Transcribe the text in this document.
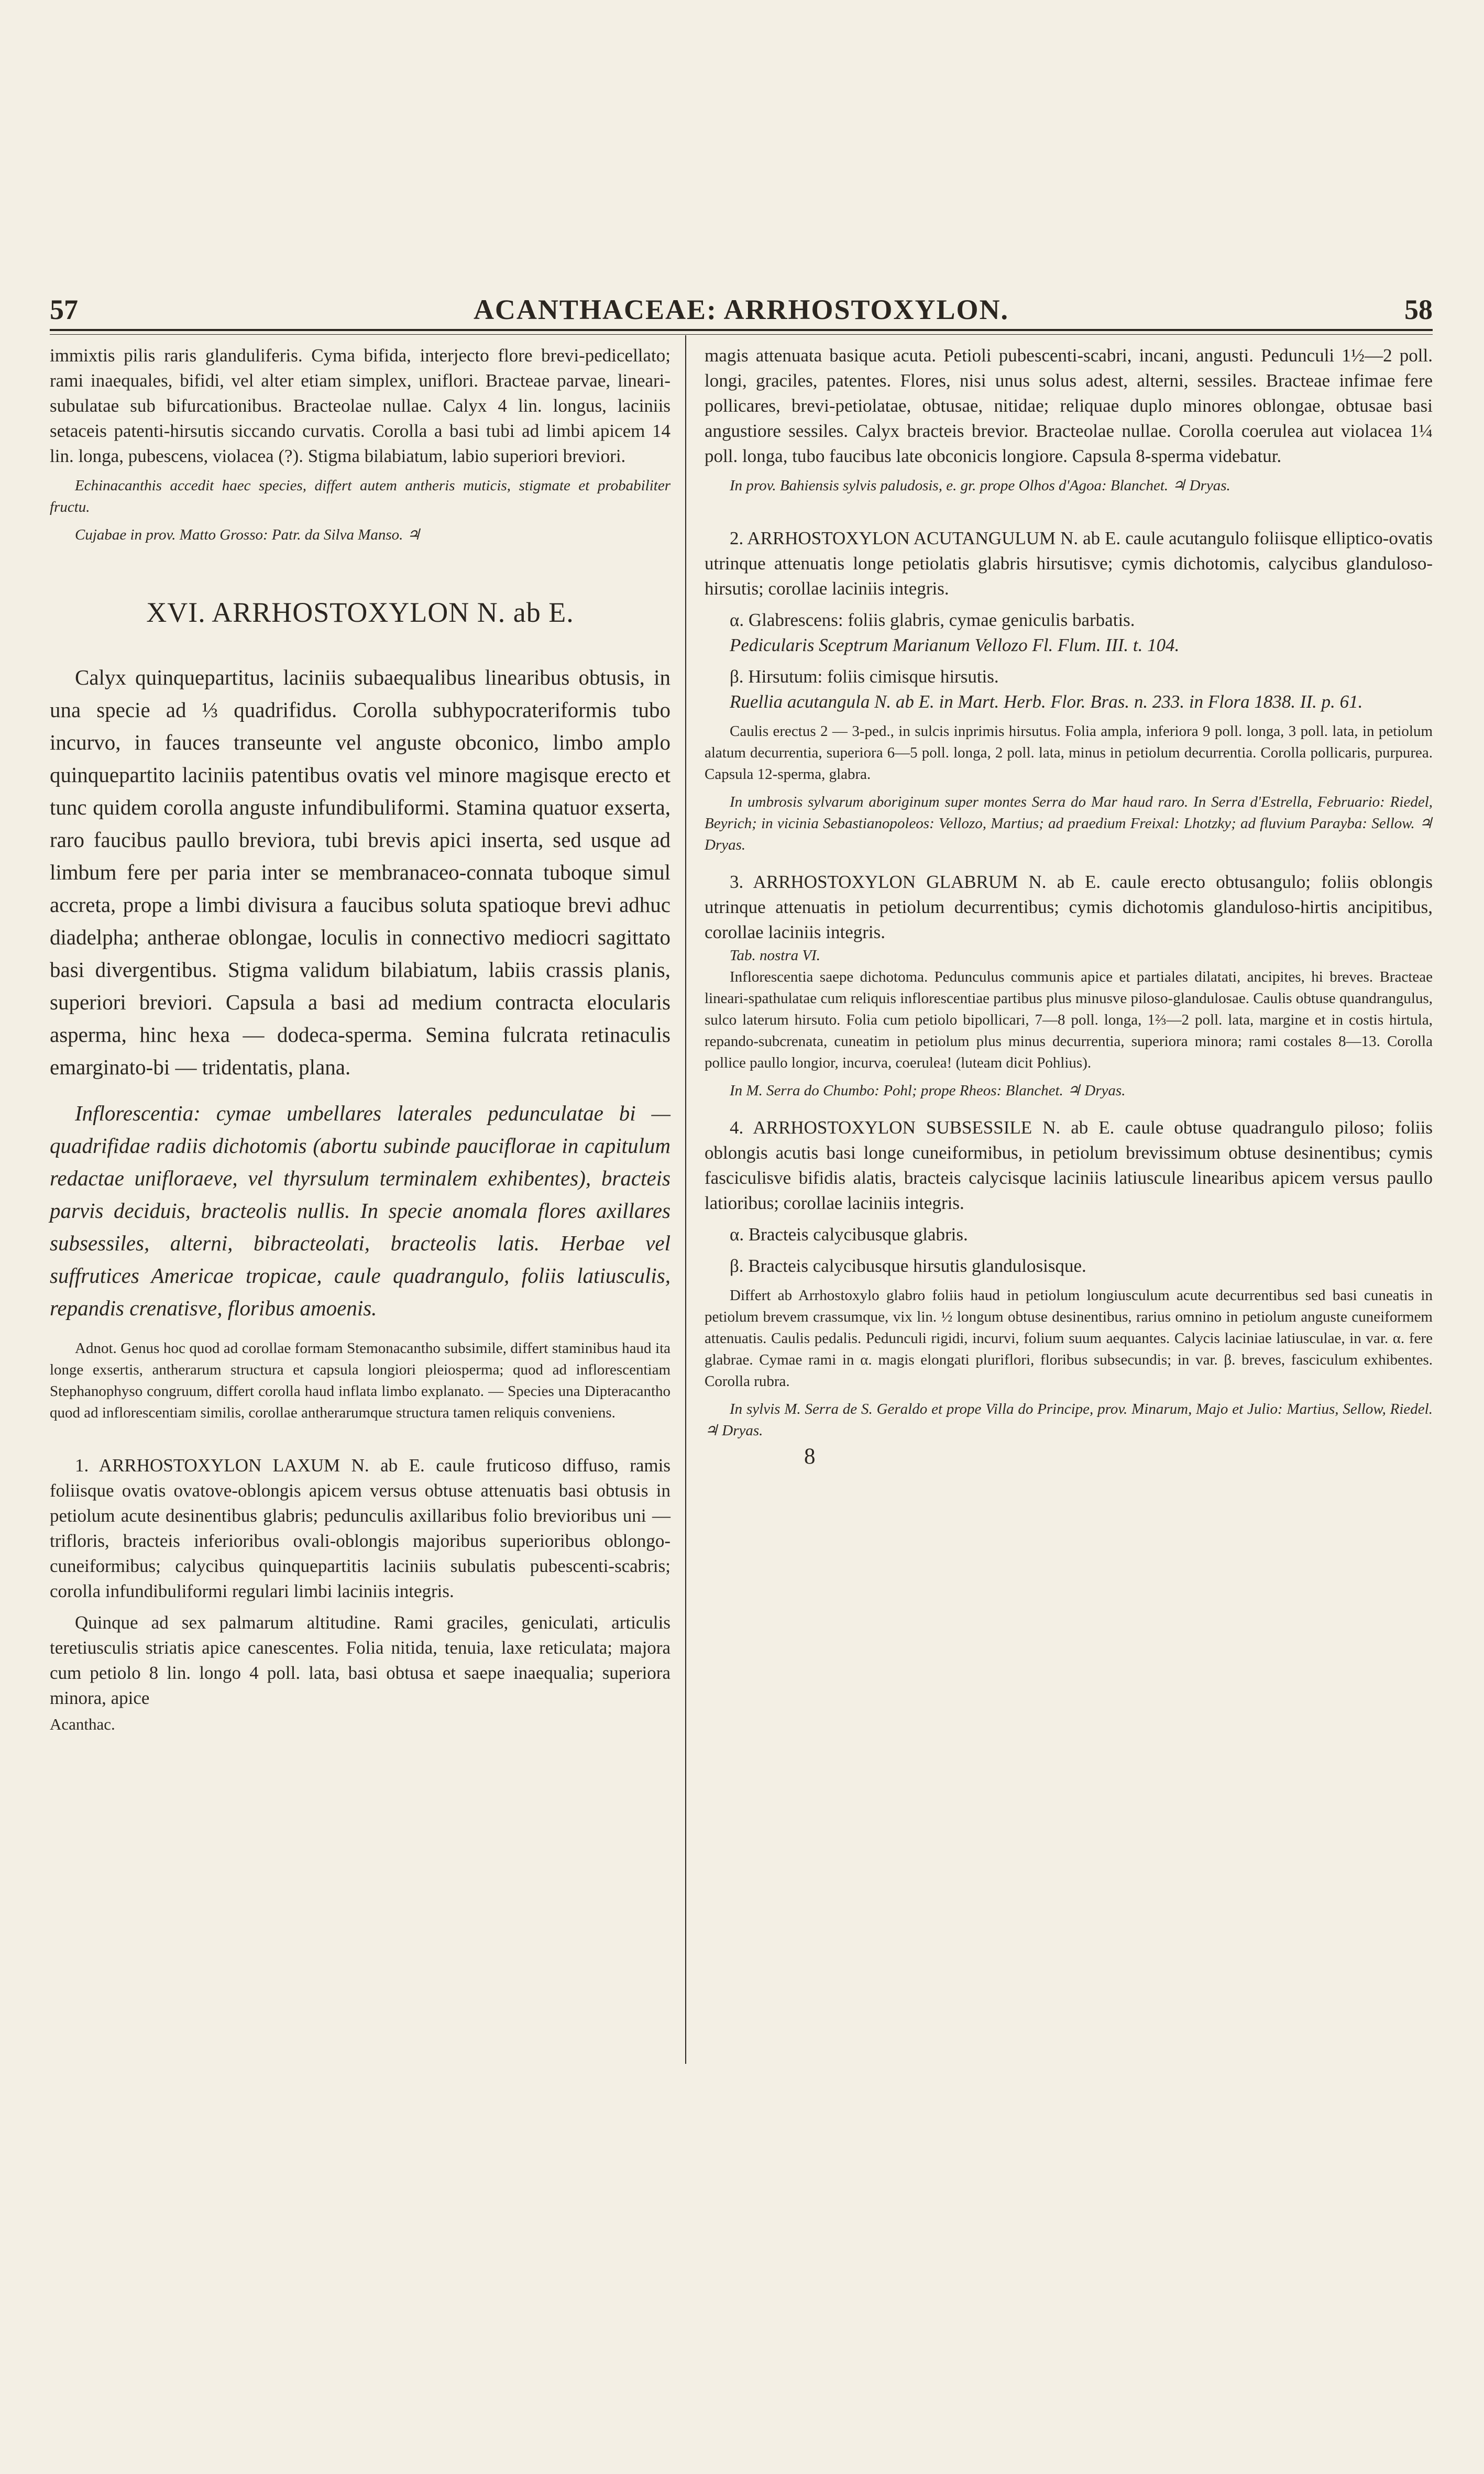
57	ACANTHACEAE: ARRHOSTOXYLON.	58

immixtis pilis raris glanduliferis. Cyma bifida, interjecto flore brevi-pedicellato; rami inaequales, bifidi, vel alter etiam simplex, uniflori. Bracteae parvae, lineari-subulatae sub bifurcationibus. Bracteolae nullae. Calyx 4 lin. longus, laciniis setaceis patenti-hirsutis siccando curvatis. Corolla a basi tubi ad limbi apicem 14 lin. longa, pubescens, violacea (?). Stigma bilabiatum, labio superiori breviori.

Echinacanthis accedit haec species, differt autem antheris muticis, stigmate et probabiliter fructu.

Cujabae in prov. Matto Grosso: Patr. da Silva Manso. ♃

XVI. ARRHOSTOXYLON N. ab E.

Calyx quinquepartitus, laciniis subaequalibus linearibus obtusis, in una specie ad ⅓ quadrifidus. Corolla subhypocrateriformis tubo incurvo, in fauces transeunte vel anguste obconico, limbo amplo quinquepartito laciniis patentibus ovatis vel minore magisque erecto et tunc quidem corolla anguste infundibuliformi. Stamina quatuor exserta, raro faucibus paullo breviora, tubi brevis apici inserta, sed usque ad limbum fere per paria inter se membranaceo-connata tuboque simul accreta, prope a limbi divisura a faucibus soluta spatioque brevi adhuc diadelpha; antherae oblongae, loculis in connectivo mediocri sagittato basi divergentibus. Stigma validum bilabiatum, labiis crassis planis, superiori breviori. Capsula a basi ad medium contracta elocularis asperma, hinc hexa — dodeca-sperma. Semina fulcrata retinaculis emarginato-bi — tridentatis, plana.

Inflorescentia: cymae umbellares laterales pedunculatae bi — quadrifidae radiis dichotomis (abortu subinde pauciflorae in capitulum redactae unifloraeve, vel thyrsulum terminalem exhibentes), bracteis parvis deciduis, bracteolis nullis. In specie anomala flores axillares subsessiles, alterni, bibracteolati, bracteolis latis. Herbae vel suffrutices Americae tropicae, caule quadrangulo, foliis latiusculis, repandis crenatisve, floribus amoenis.

Adnot. Genus hoc quod ad corollae formam Stemonacantho subsimile, differt staminibus haud ita longe exsertis, antherarum structura et capsula longiori pleiosperma; quod ad inflorescentiam Stephanophyso congruum, differt corolla haud inflata limbo explanato. — Species una Dipteracantho quod ad inflorescentiam similis, corollae antherarumque structura tamen reliquis conveniens.

1. ARRHOSTOXYLON LAXUM N. ab E. caule fruticoso diffuso, ramis foliisque ovatis ovatove-oblongis apicem versus obtuse attenuatis basi obtusis in petiolum acute desinentibus glabris; pedunculis axillaribus folio brevioribus uni — trifloris, bracteis inferioribus ovali-oblongis majoribus superioribus oblongo-cuneiformibus; calycibus quinquepartitis laciniis subulatis pubescenti-scabris; corolla infundibuliformi regulari limbi laciniis integris.

Quinque ad sex palmarum altitudine. Rami graciles, geniculati, articulis teretiusculis striatis apice canescentes. Folia nitida, tenuia, laxe reticulata; majora cum petiolo 8 lin. longo 4 poll. lata, basi obtusa et saepe inaequalia; superiora minora, apice

Acanthac.

magis attenuata basique acuta. Petioli pubescenti-scabri, incani, angusti. Pedunculi 1½—2 poll. longi, graciles, patentes. Flores, nisi unus solus adest, alterni, sessiles. Bracteae infimae fere pollicares, brevi-petiolatae, obtusae, nitidae; reliquae duplo minores oblongae, obtusae basi angustiore sessiles. Calyx bracteis brevior. Bracteolae nullae. Corolla coerulea aut violacea 1¼ poll. longa, tubo faucibus late obconicis longiore. Capsula 8-sperma videbatur.

In prov. Bahiensis sylvis paludosis, e. gr. prope Olhos d'Agoa: Blanchet. ♃ Dryas.

2. ARRHOSTOXYLON ACUTANGULUM N. ab E. caule acutangulo foliisque elliptico-ovatis utrinque attenuatis longe petiolatis glabris hirsutisve; cymis dichotomis, calycibus glanduloso-hirsutis; corollae laciniis integris.

α. Glabrescens: foliis glabris, cymae geniculis barbatis.

Pedicularis Sceptrum Marianum Vellozo Fl. Flum. III. t. 104.

β. Hirsutum: foliis cimisque hirsutis.

Ruellia acutangula N. ab E. in Mart. Herb. Flor. Bras. n. 233. in Flora 1838. II. p. 61.

Caulis erectus 2 — 3-ped., in sulcis inprimis hirsutus. Folia ampla, inferiora 9 poll. longa, 3 poll. lata, in petiolum alatum decurrentia, superiora 6—5 poll. longa, 2 poll. lata, minus in petiolum decurrentia. Corolla pollicaris, purpurea. Capsula 12-sperma, glabra.

In umbrosis sylvarum aboriginum super montes Serra do Mar haud raro. In Serra d'Estrella, Februario: Riedel, Beyrich; in vicinia Sebastianopoleos: Vellozo, Martius; ad praedium Freixal: Lhotzky; ad fluvium Parayba: Sellow. ♃ Dryas.

3. ARRHOSTOXYLON GLABRUM N. ab E. caule erecto obtusangulo; foliis oblongis utrinque attenuatis in petiolum decurrentibus; cymis dichotomis glanduloso-hirtis ancipitibus, corollae laciniis integris.

Tab. nostra VI.

Inflorescentia saepe dichotoma. Pedunculus communis apice et partiales dilatati, ancipites, hi breves. Bracteae lineari-spathulatae cum reliquis inflorescentiae partibus plus minusve piloso-glandulosae. Caulis obtuse quandrangulus, sulco laterum hirsuto. Folia cum petiolo bipollicari, 7—8 poll. longa, 1⅔—2 poll. lata, margine et in costis hirtula, repando-subcrenata, cuneatim in petiolum plus minus decurrentia, superiora minora; rami costales 8—13. Corolla pollice paullo longior, incurva, coerulea! (luteam dicit Pohlius).

In M. Serra do Chumbo: Pohl; prope Rheos: Blanchet. ♃ Dryas.

4. ARRHOSTOXYLON SUBSESSILE N. ab E. caule obtuse quadrangulo piloso; foliis oblongis acutis basi longe cuneiformibus, in petiolum brevissimum obtuse desinentibus; cymis fasciculisve bifidis alatis, bracteis calycisque laciniis latiuscule linearibus apicem versus paullo latioribus; corollae laciniis integris.

α. Bracteis calycibusque glabris.

β. Bracteis calycibusque hirsutis glandulosisque.

Differt ab Arrhostoxylo glabro foliis haud in petiolum longiusculum acute decurrentibus sed basi cuneatis in petiolum brevem crassumque, vix lin. ½ longum obtuse desinentibus, rarius omnino in petiolum anguste cuneiformem attenuatis. Caulis pedalis. Pedunculi rigidi, incurvi, folium suum aequantes. Calycis laciniae latiusculae, in var. α. fere glabrae. Cymae rami in α. magis elongati pluriflori, floribus subsecundis; in var. β. breves, fasciculum exhibentes. Corolla rubra.

In sylvis M. Serra de S. Geraldo et prope Villa do Principe, prov. Minarum, Majo et Julio: Martius, Sellow, Riedel. ♃ Dryas.

8
